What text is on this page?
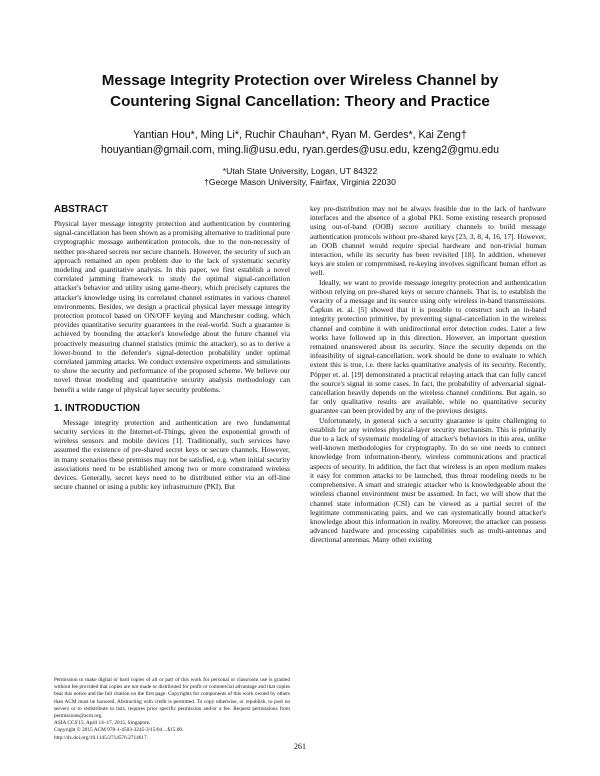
Message Integrity Protection over Wireless Channel by
Countering Signal Cancellation: Theory and Practice
Yantian Hou*, Ming Li*, Ruchir Chauhan*, Ryan M. Gerdes*, Kai Zeng†
houyantian@gmail.com, ming.li@usu.edu, ryan.gerdes@usu.edu, kzeng2@gmu.edu
*Utah State University, Logan, UT 84322
†George Mason University, Fairfax, Virginia 22030
ABSTRACT

Physical layer message integrity protection and authentication by countering signal-cancellation has been shown as a promising alternative to traditional pure cryptographic message authentication protocols, due to the non-necessity of neither pre-shared secrets nor secure channels. However, the security of such an approach remained an open problem due to the lack of systematic security modeling and quantitative analysis. In this paper, we first establish a novel correlated jamming framework to study the optimal signal-cancellation attacker's behavior and utility using game-theory, which precisely captures the attacker's knowledge using its correlated channel estimates in various channel environments. Besides, we design a practical physical layer message integrity protection protocol based on ON/OFF keying and Manchester coding, which provides quantitative security guarantees in the real-world. Such a guarantee is achieved by bounding the attacker's knowledge about the future channel via proactively measuring channel statistics (mimic the attacker), so as to derive a lower-bound to the defender's signal-detection probability under optimal correlated jamming attacks. We conduct extensive experiments and simulations to show the security and performance of the proposed scheme. We believe our novel threat modeling and quantitative security analysis methodology can benefit a wide range of physical layer security problems.

1. INTRODUCTION

Message integrity protection and authentication are two fundamental security services in the Internet-of-Things, given the exponential growth of wireless sensors and mobile devices [1]. Traditionally, such services have assumed the existence of pre-shared secret keys or secure channels. However, in many scenarios these premises may not be satisfied, e.g. when initial security associations need to be established among two or more constrained wireless devices. Generally, secret keys need to be distributed either via an off-line secure channel or using a public key infrastructure (PKI). But

key pre-distribution may not be always feasible due to the lack of hardware interfaces and the absence of a global PKI. Some existing research proposed using out-of-band (OOB) secure auxiliary channels to build message authentication protocols without pre-shared keys [23, 3, 8, 4, 16, 17]. However, an OOB channel would require special hardware and non-trivial human interaction, while its security has been revisited [18]. In addition, whenever keys are stolen or compromised, re-keying involves significant human effort as well.

Ideally, we want to provide message integrity protection and authentication without relying on pre-shared keys or secure channels. That is, to establish the veracity of a message and its source using only wireless in-band transmissions. Čapkun et. al. [5] showed that it is possible to construct such an in-band integrity protection primitive, by preventing signal-cancellation in the wireless channel and combine it with unidirectional error detection codes. Later a few works have followed up in this direction. However, an important question remained unanswered about its security. Since the security depends on the infeasibility of signal-cancellation, work should be done to evaluate to which extent this is true, i.e. there lacks quantitative analysis of its security. Recently, Pöpper et. al. [19] demonstrated a practical relaying attack that can fully cancel the source's signal in some cases. In fact, the probability of adversarial signal-cancellation heavily depends on the wireless channel conditions. But again, so far only qualitative results are available, while no quantitative security guarantee can been provided by any of the previous designs.

Unfortunately, in general such a security guarantee is quite challenging to establish for any wireless physical-layer security mechanism. This is primarily due to a lack of systematic modeling of attacker's behaviors in this area, unlike well-known methodologies for cryptography. To do so one needs to connect knowledge from information-theory, wireless communications and practical aspects of security. In addition, the fact that wireless is an open medium makes it easy for common attacks to be launched, thus threat modeling needs to be comprehensive. A smart and strategic attacker who is knowledgeable about the wireless channel environment must be assumed. In fact, we will show that the channel state information (CSI) can be viewed as a partial secret of the legitimate communicating pairs, and we can systematically bound attacker's knowledge about this information in reality. Moreover, the attacker can possess advanced hardware and processing capabilities such as multi-antennas and directional antennas. Many other existing

Permission to make digital or hard copies of all or part of this work for personal or classroom use is granted without fee provided that copies are not made or distributed for profit or commercial advantage and that copies bear this notice and the full citation on the first page. Copyrights for components of this work owned by others than ACM must be honored. Abstracting with credit is permitted. To copy otherwise, or republish, to post on servers or to redistribute to lists, requires prior specific permission and/or a fee. Request permissions from permissions@acm.org.
ASIA CCS'15, April 14–17, 2015, Singapore..
Copyright © 2015 ACM 978-1-4503-3245-3/15/04 ...$15.00.
http://dx.doi.org/10.1145/2714576.2714617.
261
